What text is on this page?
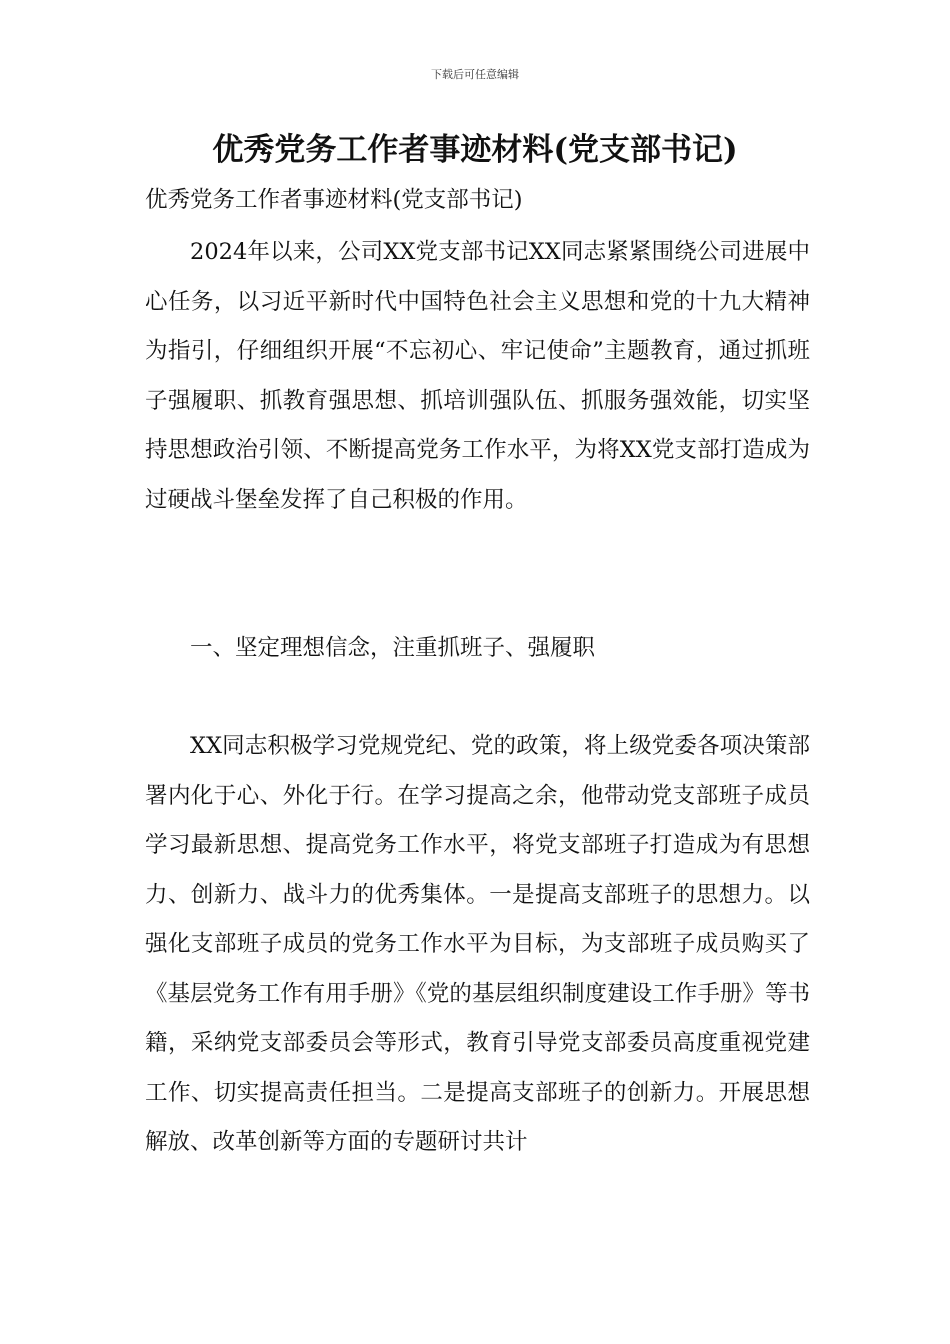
下载后可任意编辑
优秀党务工作者事迹材料(党支部书记)
优秀党务工作者事迹材料(党支部书记)
2024年以来，公司XX党支部书记XX同志紧紧围绕公司进展中心任务，以习近平新时代中国特色社会主义思想和党的十九大精神为指引，仔细组织开展“不忘初心、牢记使命”主题教育，通过抓班子强履职、抓教育强思想、抓培训强队伍、抓服务强效能，切实坚持思想政治引领、不断提高党务工作水平，为将XX党支部打造成为过硬战斗堡垒发挥了自己积极的作用。
一、坚定理想信念，注重抓班子、强履职
XX同志积极学习党规党纪、党的政策，将上级党委各项决策部署内化于心、外化于行。在学习提高之余，他带动党支部班子成员学习最新思想、提高党务工作水平，将党支部班子打造成为有思想力、创新力、战斗力的优秀集体。一是提高支部班子的思想力。以强化支部班子成员的党务工作水平为目标，为支部班子成员购买了《基层党务工作有用手册》《党的基层组织制度建设工作手册》等书籍，采纳党支部委员会等形式，教育引导党支部委员高度重视党建工作、切实提高责任担当。二是提高支部班子的创新力。开展思想解放、改革创新等方面的专题研讨共计
